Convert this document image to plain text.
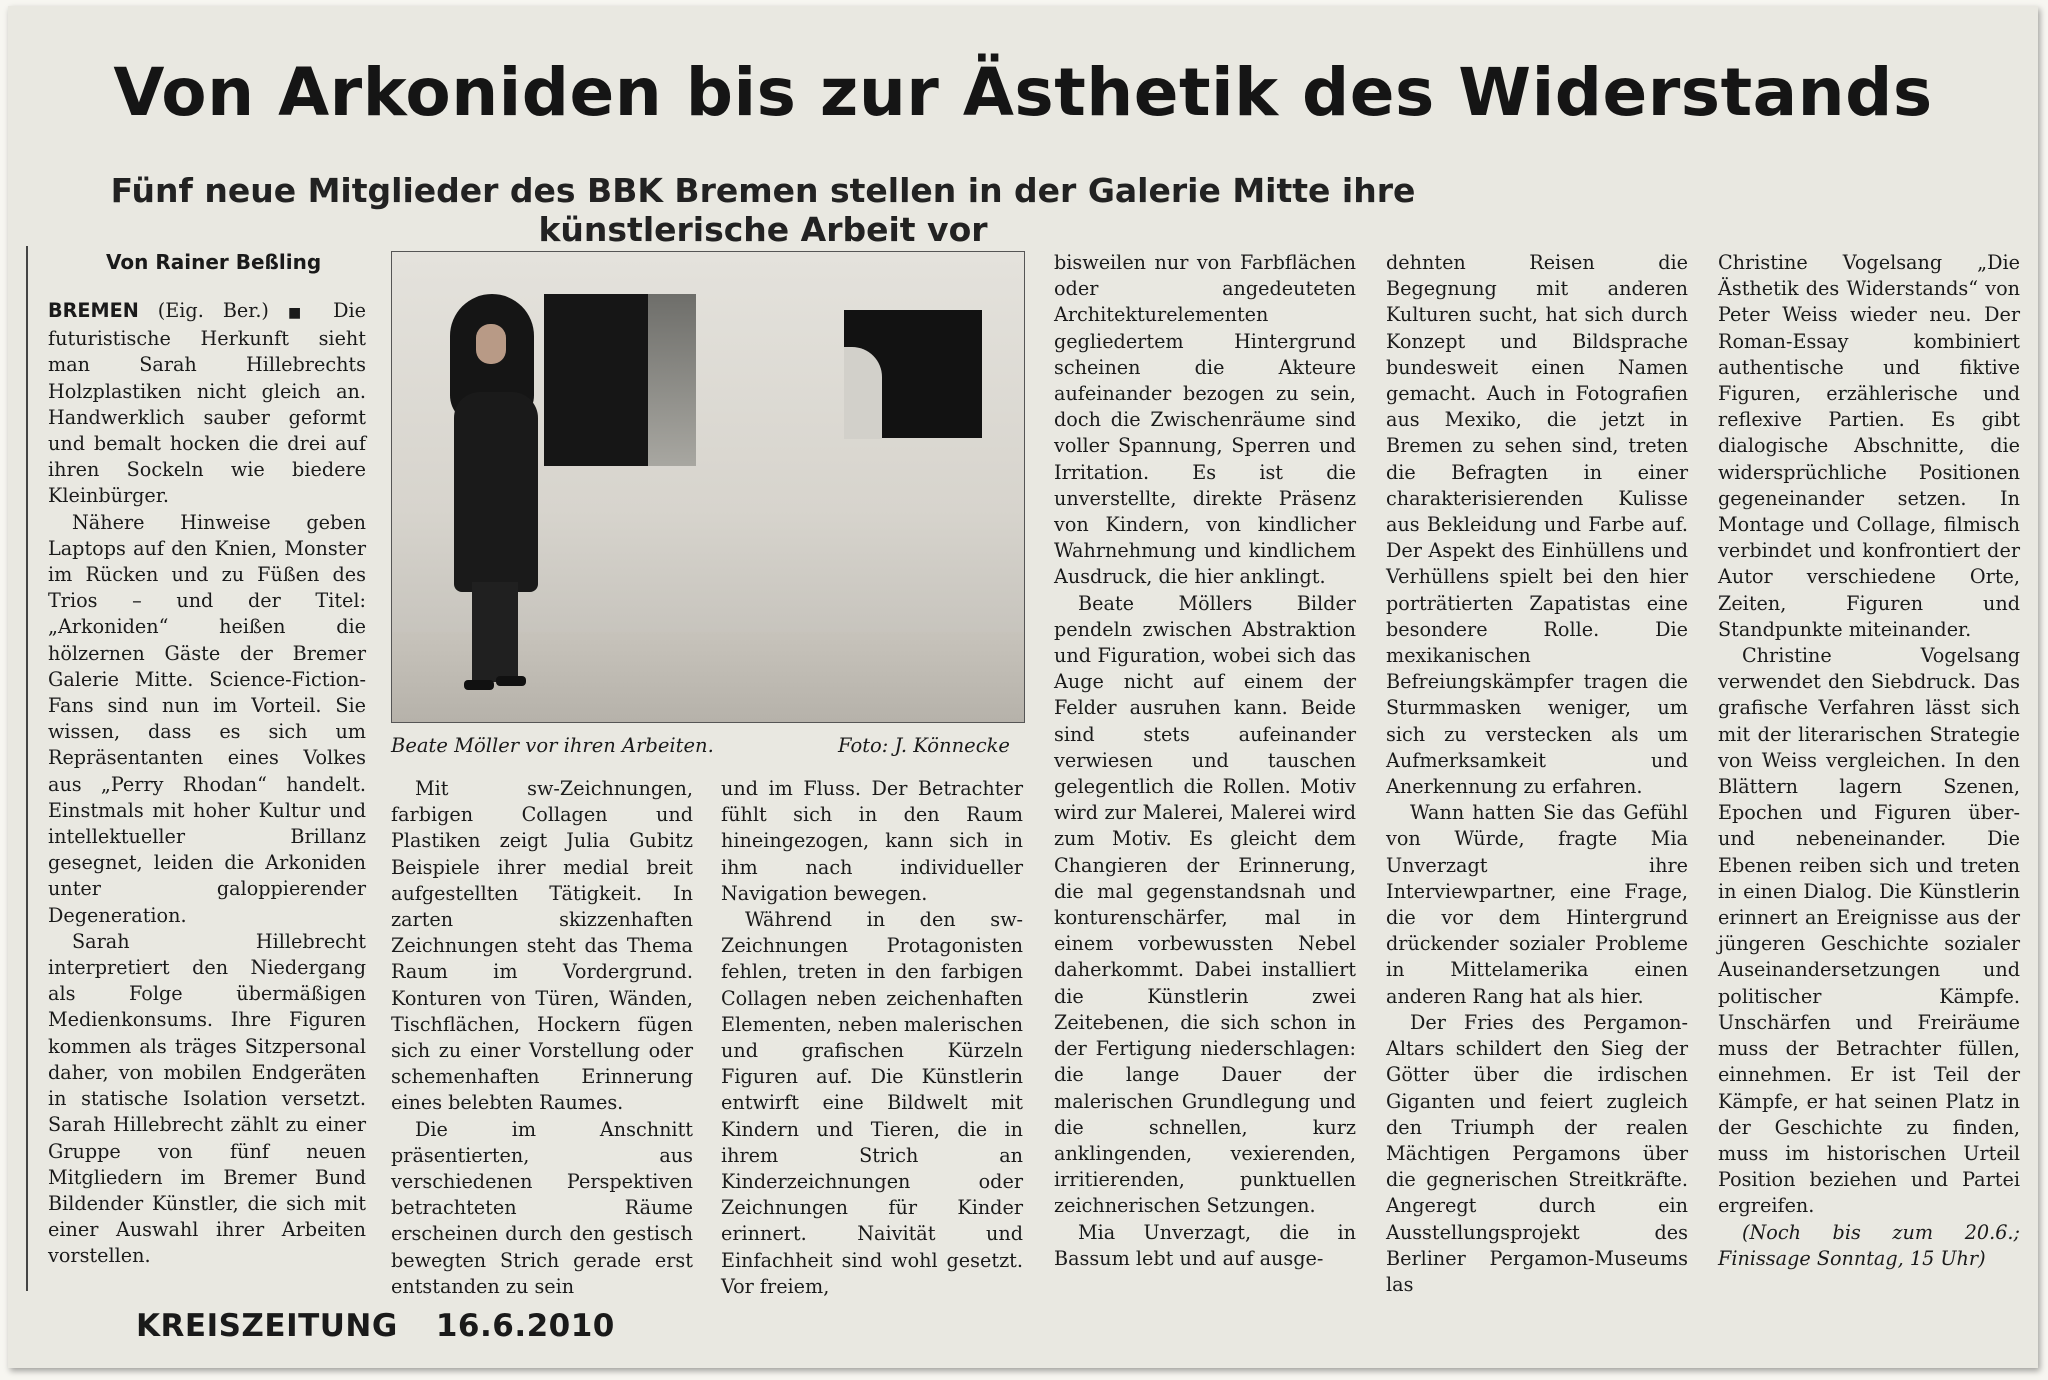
Von Arkoniden bis zur Ästhetik des Widerstands
Fünf neue Mitglieder des BBK Bremen stellen in der Galerie Mitte ihre künstlerische Arbeit vor
Von Rainer Beßling

BREMEN (Eig. Ber.) ■ Die futuristische Herkunft sieht man Sarah Hillebrechts Holzplastiken nicht gleich an. Handwerklich sauber geformt und bemalt hocken die drei auf ihren Sockeln wie biedere Kleinbürger.

Nähere Hinweise geben Laptops auf den Knien, Monster im Rücken und zu Füßen des Trios – und der Titel: „Arkoniden“ heißen die hölzernen Gäste der Bremer Galerie Mitte. Science-Fiction-Fans sind nun im Vorteil. Sie wissen, dass es sich um Repräsentanten eines Volkes aus „Perry Rhodan“ handelt. Einstmals mit hoher Kultur und intellektueller Brillanz gesegnet, leiden die Arkoniden unter galoppierender Degeneration.

Sarah Hillebrecht interpretiert den Niedergang als Folge übermäßigen Medienkonsums. Ihre Figuren kommen als träges Sitzpersonal daher, von mobilen Endgeräten in statische Isolation versetzt. Sarah Hillebrecht zählt zu einer Gruppe von fünf neuen Mitgliedern im Bremer Bund Bildender Künstler, die sich mit einer Auswahl ihrer Arbeiten vorstellen.

Beate Möller vor ihren Arbeiten.	Foto: J. Könnecke

Mit sw-Zeichnungen, farbigen Collagen und Plastiken zeigt Julia Gubitz Beispiele ihrer medial breit aufgestellten Tätigkeit. In zarten skizzenhaften Zeichnungen steht das Thema Raum im Vordergrund. Konturen von Türen, Wänden, Tischflächen, Hockern fügen sich zu einer Vorstellung oder schemenhaften Erinnerung eines belebten Raumes.

Die im Anschnitt präsentierten, aus verschiedenen Perspektiven betrachteten Räume erscheinen durch den gestisch bewegten Strich gerade erst entstanden zu sein

und im Fluss. Der Betrachter fühlt sich in den Raum hineingezogen, kann sich in ihm nach individueller Navigation bewegen.

Während in den sw-Zeichnungen Protagonisten fehlen, treten in den farbigen Collagen neben zeichenhaften Elementen, neben malerischen und grafischen Kürzeln Figuren auf. Die Künstlerin entwirft eine Bildwelt mit Kindern und Tieren, die in ihrem Strich an Kinderzeichnungen oder Zeichnungen für Kinder erinnert. Naivität und Einfachheit sind wohl gesetzt. Vor freiem,

bisweilen nur von Farbflächen oder angedeuteten Architekturelementen gegliedertem Hintergrund scheinen die Akteure aufeinander bezogen zu sein, doch die Zwischenräume sind voller Spannung, Sperren und Irritation. Es ist die unverstellte, direkte Präsenz von Kindern, von kindlicher Wahrnehmung und kindlichem Ausdruck, die hier anklingt.

Beate Möllers Bilder pendeln zwischen Abstraktion und Figuration, wobei sich das Auge nicht auf einem der Felder ausruhen kann. Beide sind stets aufeinander verwiesen und tauschen gelegentlich die Rollen. Motiv wird zur Malerei, Malerei wird zum Motiv. Es gleicht dem Changieren der Erinnerung, die mal gegenstandsnah und konturenschärfer, mal in einem vorbewussten Nebel daherkommt. Dabei installiert die Künstlerin zwei Zeitebenen, die sich schon in der Fertigung niederschlagen: die lange Dauer der malerischen Grundlegung und die schnellen, kurz anklingenden, vexierenden, irritierenden, punktuellen zeichnerischen Setzungen.

Mia Unverzagt, die in Bassum lebt und auf ausge-

dehnten Reisen die Begegnung mit anderen Kulturen sucht, hat sich durch Konzept und Bildsprache bundesweit einen Namen gemacht. Auch in Fotografien aus Mexiko, die jetzt in Bremen zu sehen sind, treten die Befragten in einer charakterisierenden Kulisse aus Bekleidung und Farbe auf. Der Aspekt des Einhüllens und Verhüllens spielt bei den hier porträtierten Zapatistas eine besondere Rolle. Die mexikanischen Befreiungskämpfer tragen die Sturmmasken weniger, um sich zu verstecken als um Aufmerksamkeit und Anerkennung zu erfahren.

Wann hatten Sie das Gefühl von Würde, fragte Mia Unverzagt ihre Interviewpartner, eine Frage, die vor dem Hintergrund drückender sozialer Probleme in Mittelamerika einen anderen Rang hat als hier.

Der Fries des Pergamon-Altars schildert den Sieg der Götter über die irdischen Giganten und feiert zugleich den Triumph der realen Mächtigen Pergamons über die gegnerischen Streitkräfte. Angeregt durch ein Ausstellungsprojekt des Berliner Pergamon-Museums las

Christine Vogelsang „Die Ästhetik des Widerstands“ von Peter Weiss wieder neu. Der Roman-Essay kombiniert authentische und fiktive Figuren, erzählerische und reflexive Partien. Es gibt dialogische Abschnitte, die widersprüchliche Positionen gegeneinander setzen. In Montage und Collage, filmisch verbindet und konfrontiert der Autor verschiedene Orte, Zeiten, Figuren und Standpunkte miteinander.

Christine Vogelsang verwendet den Siebdruck. Das grafische Verfahren lässt sich mit der literarischen Strategie von Weiss vergleichen. In den Blättern lagern Szenen, Epochen und Figuren über- und nebeneinander. Die Ebenen reiben sich und treten in einen Dialog. Die Künstlerin erinnert an Ereignisse aus der jüngeren Geschichte sozialer Auseinandersetzungen und politischer Kämpfe. Unschärfen und Freiräume muss der Betrachter füllen, einnehmen. Er ist Teil der Kämpfe, er hat seinen Platz in der Geschichte zu finden, muss im historischen Urteil Position beziehen und Partei ergreifen.

(Noch bis zum 20.6.; Finissage Sonntag, 15 Uhr)

KREISZEITUNG 16.6.2010
